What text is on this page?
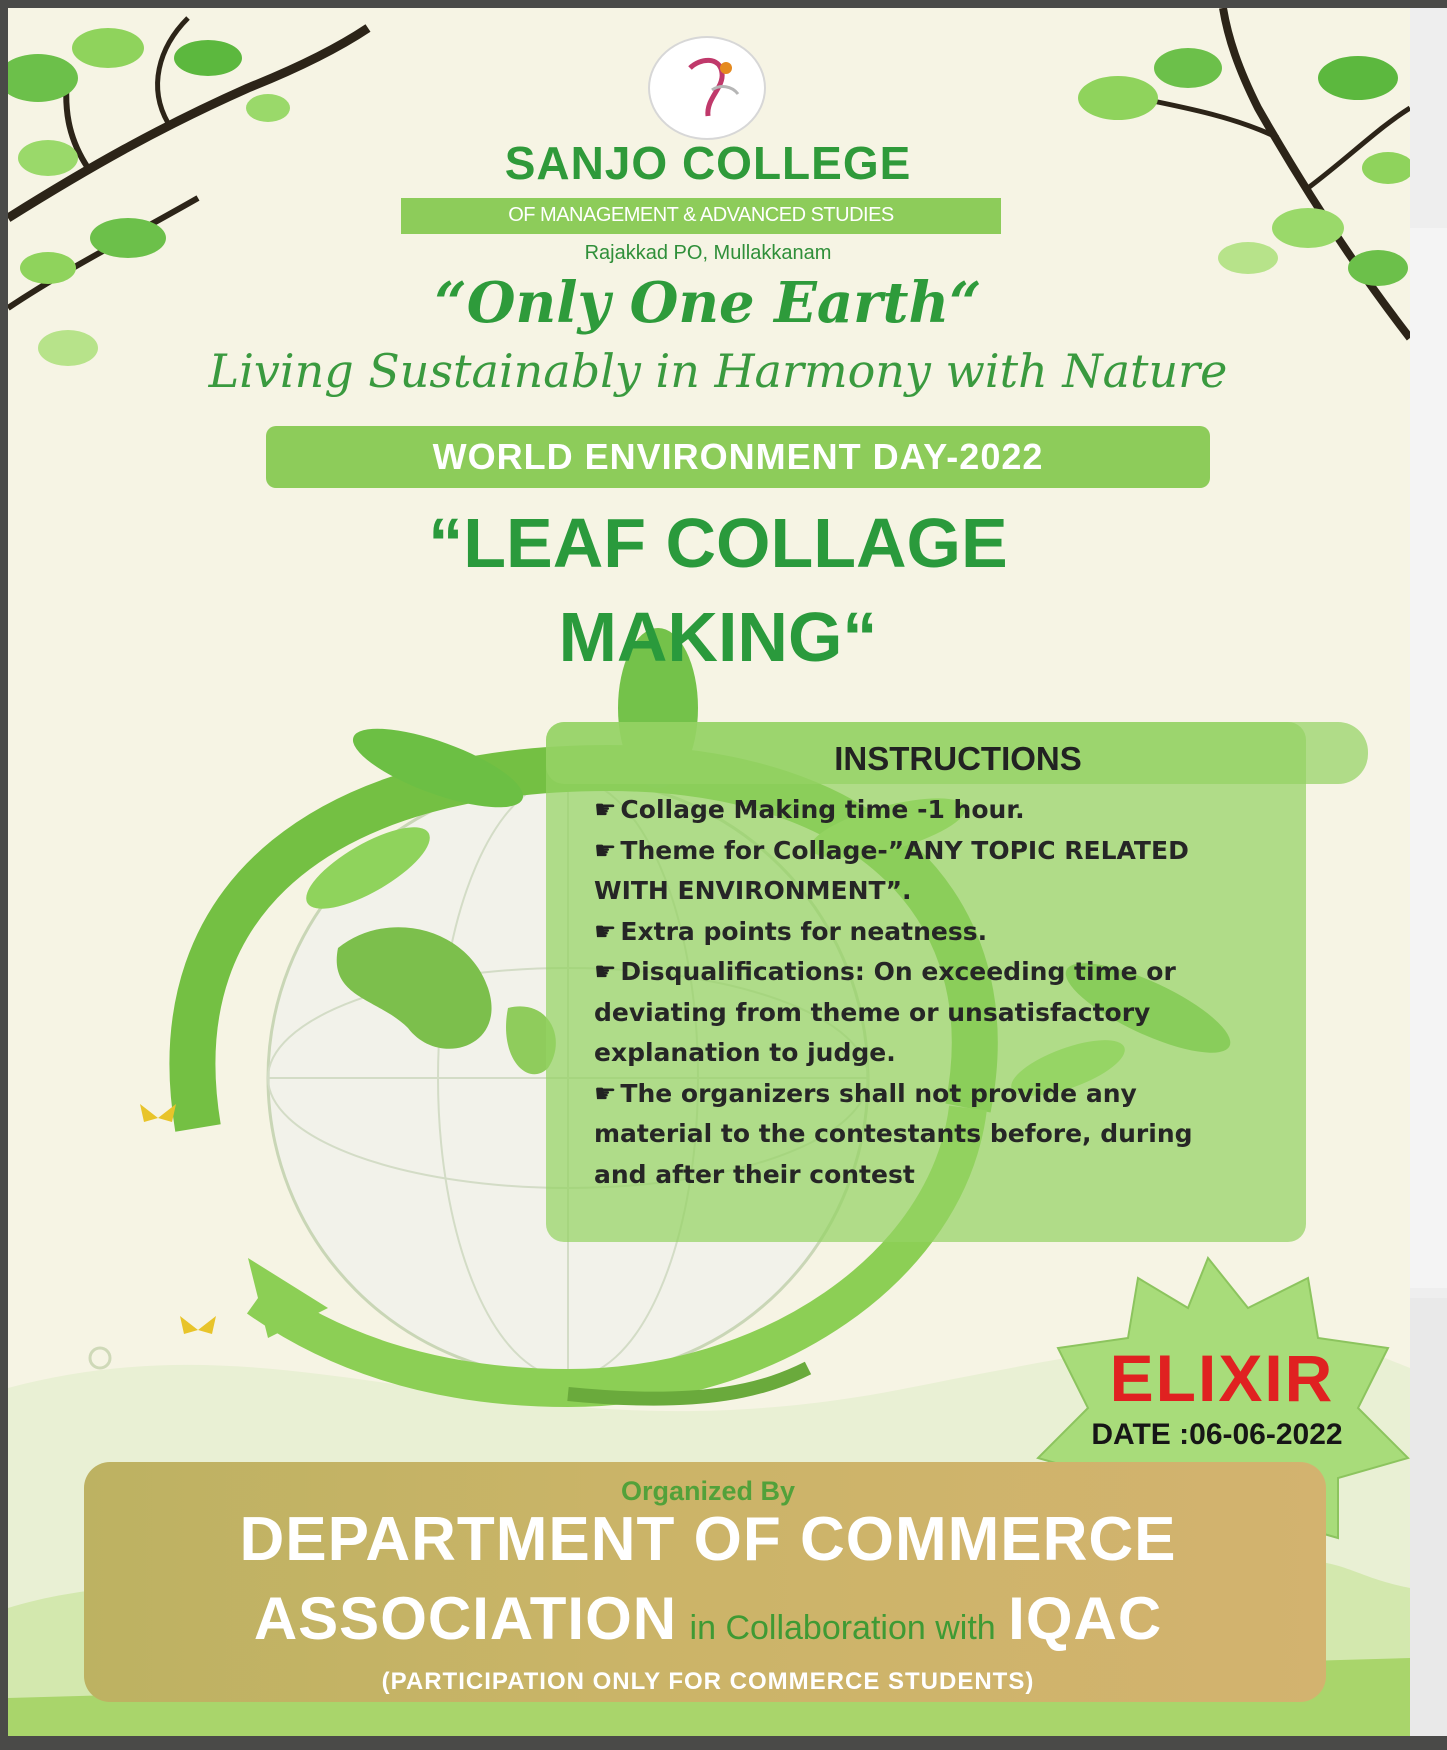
SANJO COLLEGE
OF MANAGEMENT & ADVANCED STUDIES
Rajakkad PO, Mullakkanam
“Only One Earth“
Living Sustainably in Harmony with Nature
WORLD ENVIRONMENT DAY-2022
“LEAF COLLAGE MAKING“
INSTRUCTIONS
☛ Collage Making time -1 hour.
☛ Theme for Collage-”ANY TOPIC RELATED WITH ENVIRONMENT”.
☛ Extra points for neatness.
☛ Disqualifications: On exceeding time or deviating from theme or unsatisfactory explanation to judge.
☛ The organizers shall not provide any material to the contestants before, during and after their contest
ELIXIR
DATE :06-06-2022
Organized By
DEPARTMENT OF COMMERCE
ASSOCIATION in Collaboration with IQAC
(PARTICIPATION ONLY FOR COMMERCE STUDENTS)
